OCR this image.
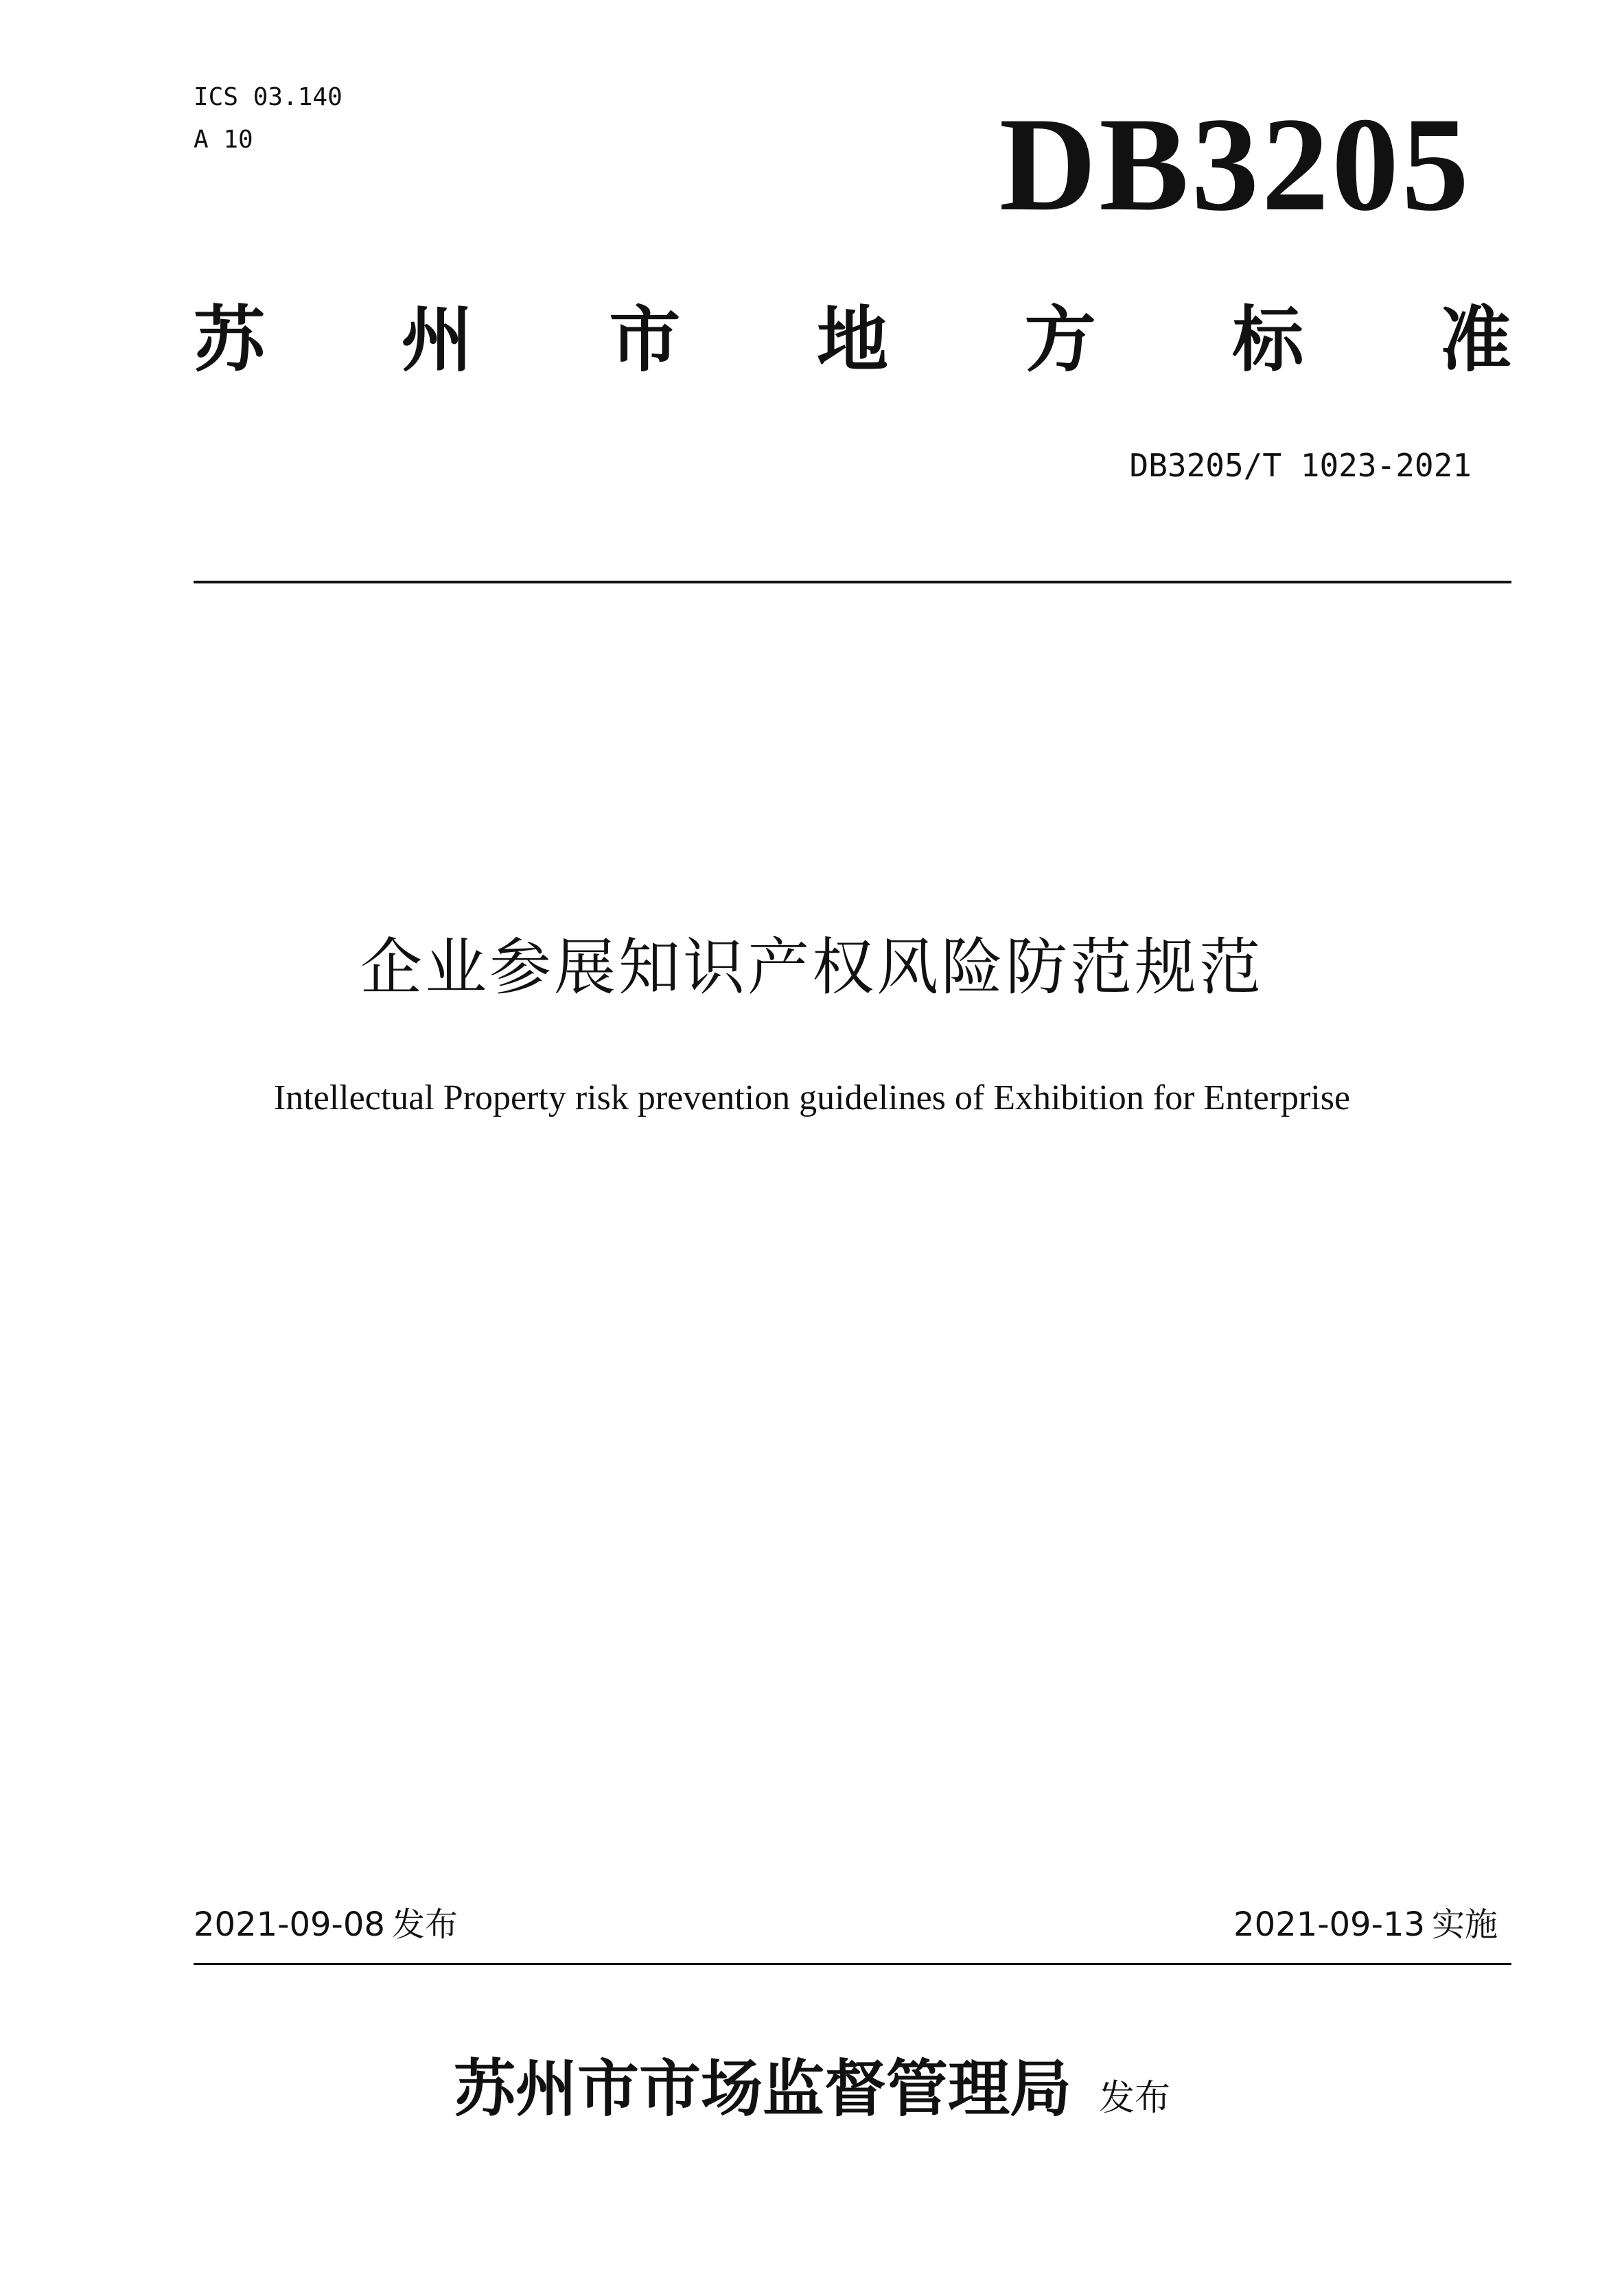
ICS 03.140
A 10	DB3205
苏 州 市 地 方 标 准
DB3205/T 1023-2021
企业参展知识产权风险防范规范
Intellectual Property risk prevention guidelines of Exhibition for Enterprise
2021-09-08 发布	2021-09-13 实施
苏州市市场监督管理局 发布
